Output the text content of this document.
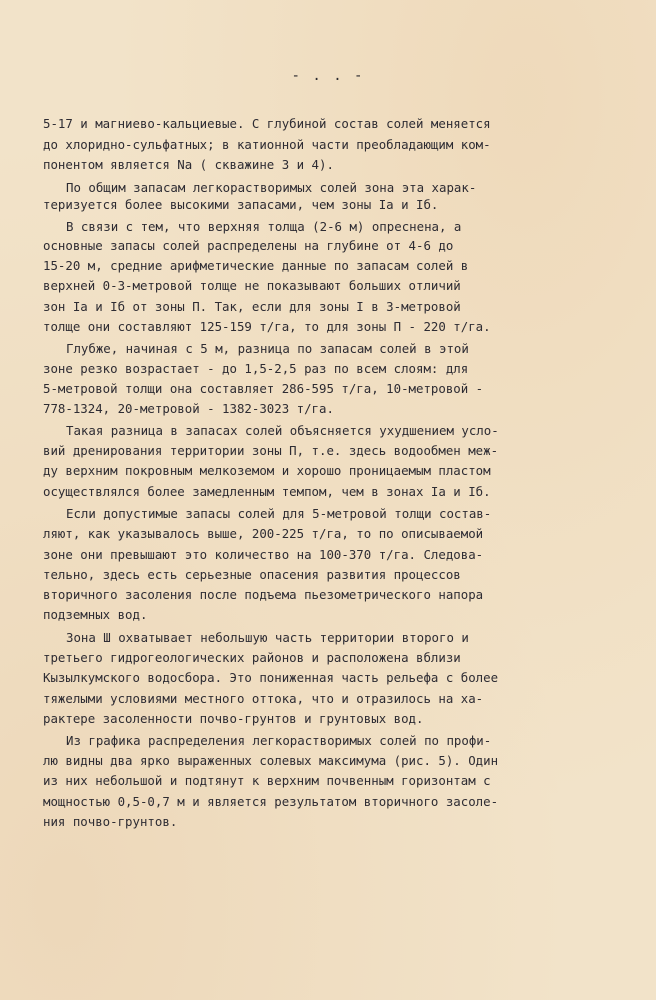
- . . -
5-17 и магниево-кальциевые. С глубиной состав солей меняется
до хлоридно-сульфатных; в катионной части преобладающим ком-
понентом является Na ( скважине 3 и 4).
По общим запасам легкорастворимых солей зона эта харак-
теризуется более высокими запасами, чем зоны Iа и Iб.
В связи с тем, что верхняя толща (2-6 м) опреснена, а
основные запасы солей распределены на глубине от 4-6 до
15-20 м, средние арифметические данные по запасам солей в
верхней 0-3-метровой толще не показывают больших отличий
зон Iа и Iб от зоны П. Так, если для зоны I в 3-метровой
толще они составляют 125-159 т/га, то для зоны П - 220 т/га.
Глубже, начиная с 5 м, разница по запасам солей в этой
зоне резко возрастает - до 1,5-2,5 раз по всем слоям: для
5-метровой толщи она составляет 286-595 т/га, 10-метровой -
778-1324, 20-метровой - 1382-3023 т/га.
Такая разница в запасах солей объясняется ухудшением усло-
вий дренирования территории зоны П, т.е. здесь водообмен меж-
ду верхним покровным мелкоземом и хорошо проницаемым пластом
осуществлялся более замедленным темпом, чем в зонах Iа и Iб.
Если допустимые запасы солей для 5-метровой толщи состав-
ляют, как указывалось выше, 200-225 т/га, то по описываемой
зоне они превышают это количество на 100-370 т/га. Следова-
тельно, здесь есть серьезные опасения развития процессов
вторичного засоления после подъема пьезометрического напора
подземных вод.
Зона Ш охватывает небольшую часть территории второго и
третьего гидрогеологических районов и расположена вблизи
Кызылкумского водосбора. Это пониженная часть рельефа с более
тяжелыми условиями местного оттока, что и отразилось на ха-
рактере засоленности почво-грунтов и грунтовых вод.
Из графика распределения легкорастворимых солей по профи-
лю видны два ярко выраженных солевых максимума (рис. 5). Один
из них небольшой и подтянут к верхним почвенным горизонтам с
мощностью 0,5-0,7 м и является результатом вторичного засоле-
ния почво-грунтов.
